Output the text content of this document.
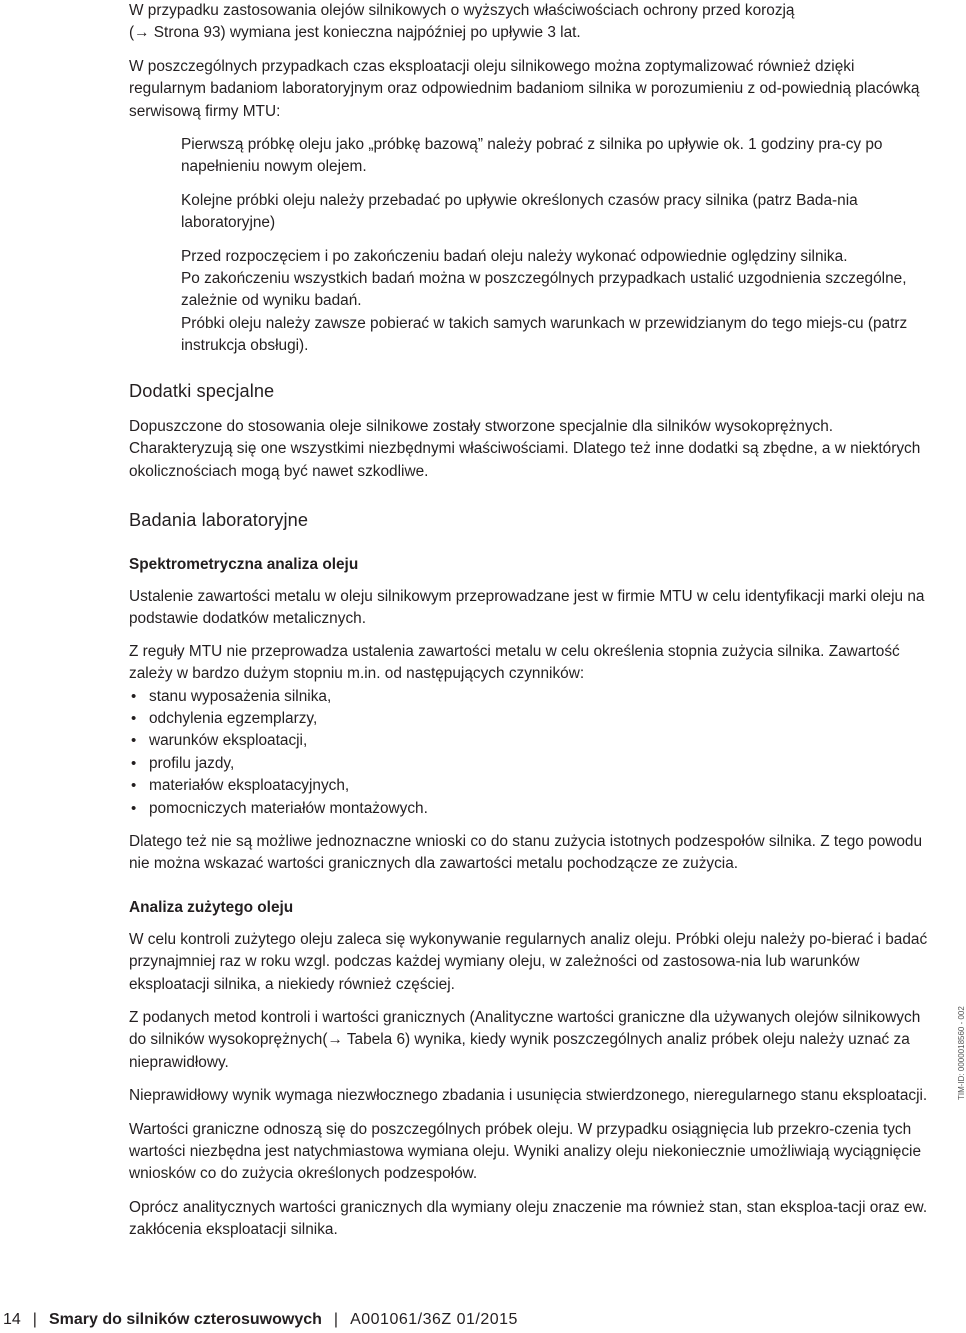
W przypadku zastosowania olejów silnikowych o wyższych właściwościach ochrony przed korozją
(→ Strona 93) wymiana jest konieczna najpóźniej po upływie 3 lat.

W poszczególnych przypadkach czas eksploatacji oleju silnikowego można zoptymalizować również dzięki regularnym badaniom laboratoryjnym oraz odpowiednim badaniom silnika w porozumieniu z od-powiednią placówką serwisową firmy MTU:

Pierwszą próbkę oleju jako „próbkę bazową” należy pobrać z silnika po upływie ok. 1 godziny pra-cy po napełnieniu nowym olejem.

Kolejne próbki oleju należy przebadać po upływie określonych czasów pracy silnika (patrz Bada-nia laboratoryjne)

Przed rozpoczęciem i po zakończeniu badań oleju należy wykonać odpowiednie oględziny silnika.

Po zakończeniu wszystkich badań można w poszczególnych przypadkach ustalić uzgodnienia szczególne, zależnie od wyniku badań.

Próbki oleju należy zawsze pobierać w takich samych warunkach w przewidzianym do tego miejs-cu (patrz instrukcja obsługi).

Dodatki specjalne

Dopuszczone do stosowania oleje silnikowe zostały stworzone specjalnie dla silników wysokoprężnych. Charakteryzują się one wszystkimi niezbędnymi właściwościami. Dlatego też inne dodatki są zbędne, a w niektórych okolicznościach mogą być nawet szkodliwe.

Badania laboratoryjne
Spektrometryczna analiza oleju

Ustalenie zawartości metalu w oleju silnikowym przeprowadzane jest w firmie MTU w celu identyfikacji marki oleju na podstawie dodatków metalicznych.

Z reguły MTU nie przeprowadza ustalenia zawartości metalu w celu określenia stopnia zużycia silnika. Zawartość zależy w bardzo dużym stopniu m.in. od następujących czynników:

• stanu wyposażenia silnika,
• odchylenia egzemplarzy,
• warunków eksploatacji,
• profilu jazdy,
• materiałów eksploatacyjnych,
• pomocniczych materiałów montażowych.

Dlatego też nie są możliwe jednoznaczne wnioski co do stanu zużycia istotnych podzespołów silnika. Z tego powodu nie można wskazać wartości granicznych dla zawartości metalu pochodzącze ze zużycia.

Analiza zużytego oleju

W celu kontroli zużytego oleju zaleca się wykonywanie regularnych analiz oleju. Próbki oleju należy po-bierać i badać przynajmniej raz w roku wzgl. podczas każdej wymiany oleju, w zależności od zastosowa-nia lub warunków eksploatacji silnika, a niekiedy również częściej.

Z podanych metod kontroli i wartości granicznych (Analityczne wartości graniczne dla używanych olejów silnikowych do silników wysokoprężnych(→ Tabela 6) wynika, kiedy wynik poszczególnych analiz próbek oleju należy uznać za nieprawidłowy.

Nieprawidłowy wynik wymaga niezwłocznego zbadania i usunięcia stwierdzonego, nieregularnego stanu eksploatacji.

Wartości graniczne odnoszą się do poszczególnych próbek oleju. W przypadku osiągnięcia lub przekro-czenia tych wartości niezbędna jest natychmiastowa wymiana oleju. Wyniki analizy oleju niekoniecznie umożliwiają wyciągnięcie wniosków co do zużycia określonych podzespołów.

Oprócz analitycznych wartości granicznych dla wymiany oleju znaczenie ma również stan, stan eksploa-tacji oraz ew. zakłócenia eksploatacji silnika.

TIM-ID: 0000018560 - 002
14 | Smary do silników czterosuwowych | A001061/36Z 01/2015
